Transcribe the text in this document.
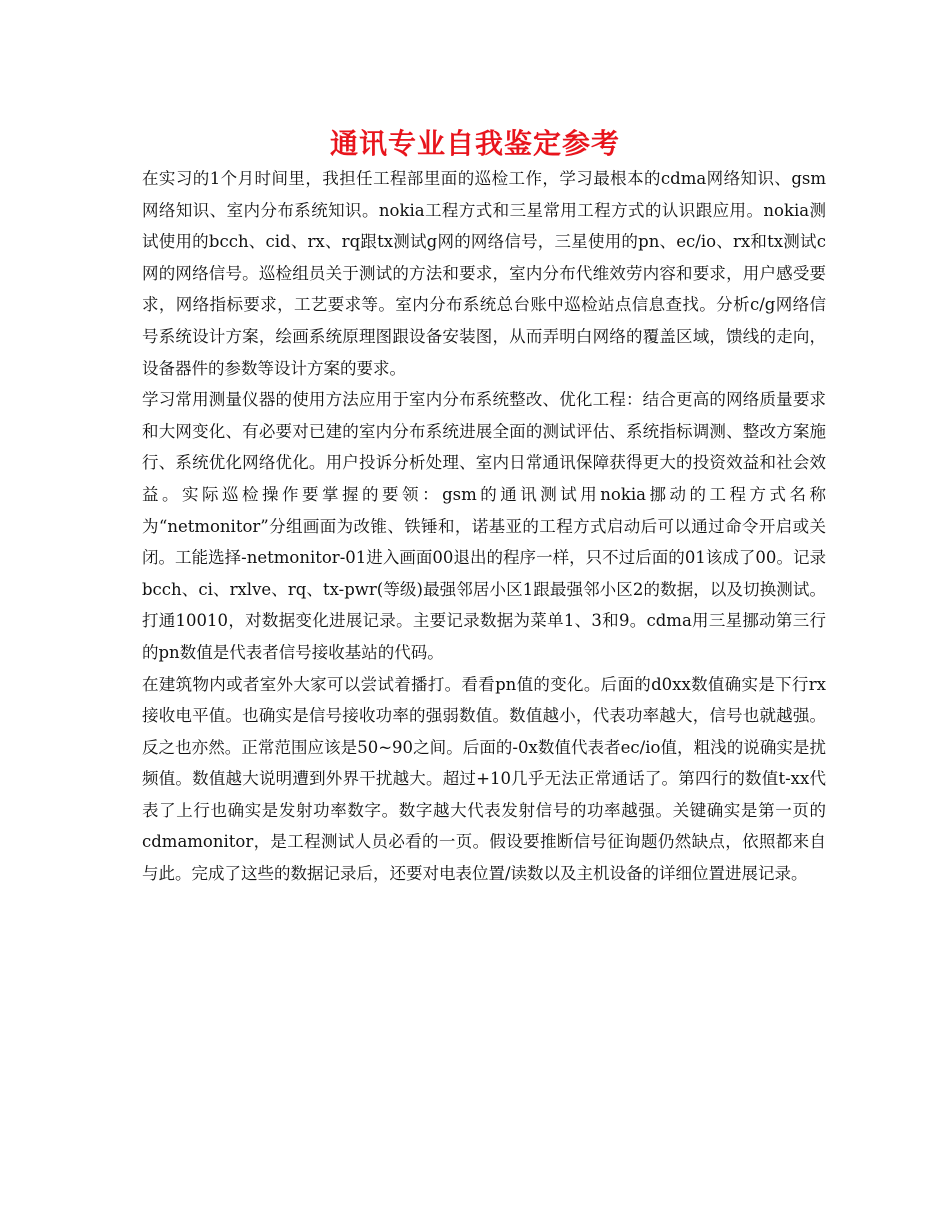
通讯专业自我鉴定参考

在实习的1个月时间里，我担任工程部里面的巡检工作，学习最根本的cdma网络知识、gsm网络知识、室内分布系统知识。nokia工程方式和三星常用工程方式的认识跟应用。nokia测试使用的bcch、cid、rx、rq跟tx测试g网的网络信号，三星使用的pn、ec/io、rx和tx测试c网的网络信号。巡检组员关于测试的方法和要求，室内分布代维效劳内容和要求，用户感受要求，网络指标要求，工艺要求等。室内分布系统总台账中巡检站点信息查找。分析c/g网络信号系统设计方案，绘画系统原理图跟设备安装图，从而弄明白网络的覆盖区域，馈线的走向，设备器件的参数等设计方案的要求。

学习常用测量仪器的使用方法应用于室内分布系统整改、优化工程：结合更高的网络质量要求和大网变化、有必要对已建的室内分布系统进展全面的测试评估、系统指标调测、整改方案施行、系统优化网络优化。用户投诉分析处理、室内日常通讯保障获得更大的投资效益和社会效益。实际巡检操作要掌握的要领：gsm的通讯测试用nokia挪动的工程方式名称为“netmonitor”分组画面为改锥、铁锤和，诺基亚的工程方式启动后可以通过命令开启或关闭。工能选择-netmonitor-01进入画面00退出的程序一样，只不过后面的01该成了00。记录bcch、ci、rxlve、rq、tx-pwr(等级)最强邻居小区1跟最强邻小区2的数据，以及切换测试。打通10010，对数据变化进展记录。主要记录数据为菜单1、3和9。cdma用三星挪动第三行的pn数值是代表者信号接收基站的代码。

在建筑物内或者室外大家可以尝试着播打。看看pn值的变化。后面的d0xx数值确实是下行rx接收电平值。也确实是信号接收功率的强弱数值。数值越小，代表功率越大，信号也就越强。反之也亦然。正常范围应该是50~90之间。后面的-0x数值代表者ec/io值，粗浅的说确实是扰频值。数值越大说明遭到外界干扰越大。超过+10几乎无法正常通话了。第四行的数值t-xx代表了上行也确实是发射功率数字。数字越大代表发射信号的功率越强。关键确实是第一页的cdmamonitor，是工程测试人员必看的一页。假设要推断信号征询题仍然缺点，依照都来自与此。完成了这些的数据记录后，还要对电表位置/读数以及主机设备的详细位置进展记录。
